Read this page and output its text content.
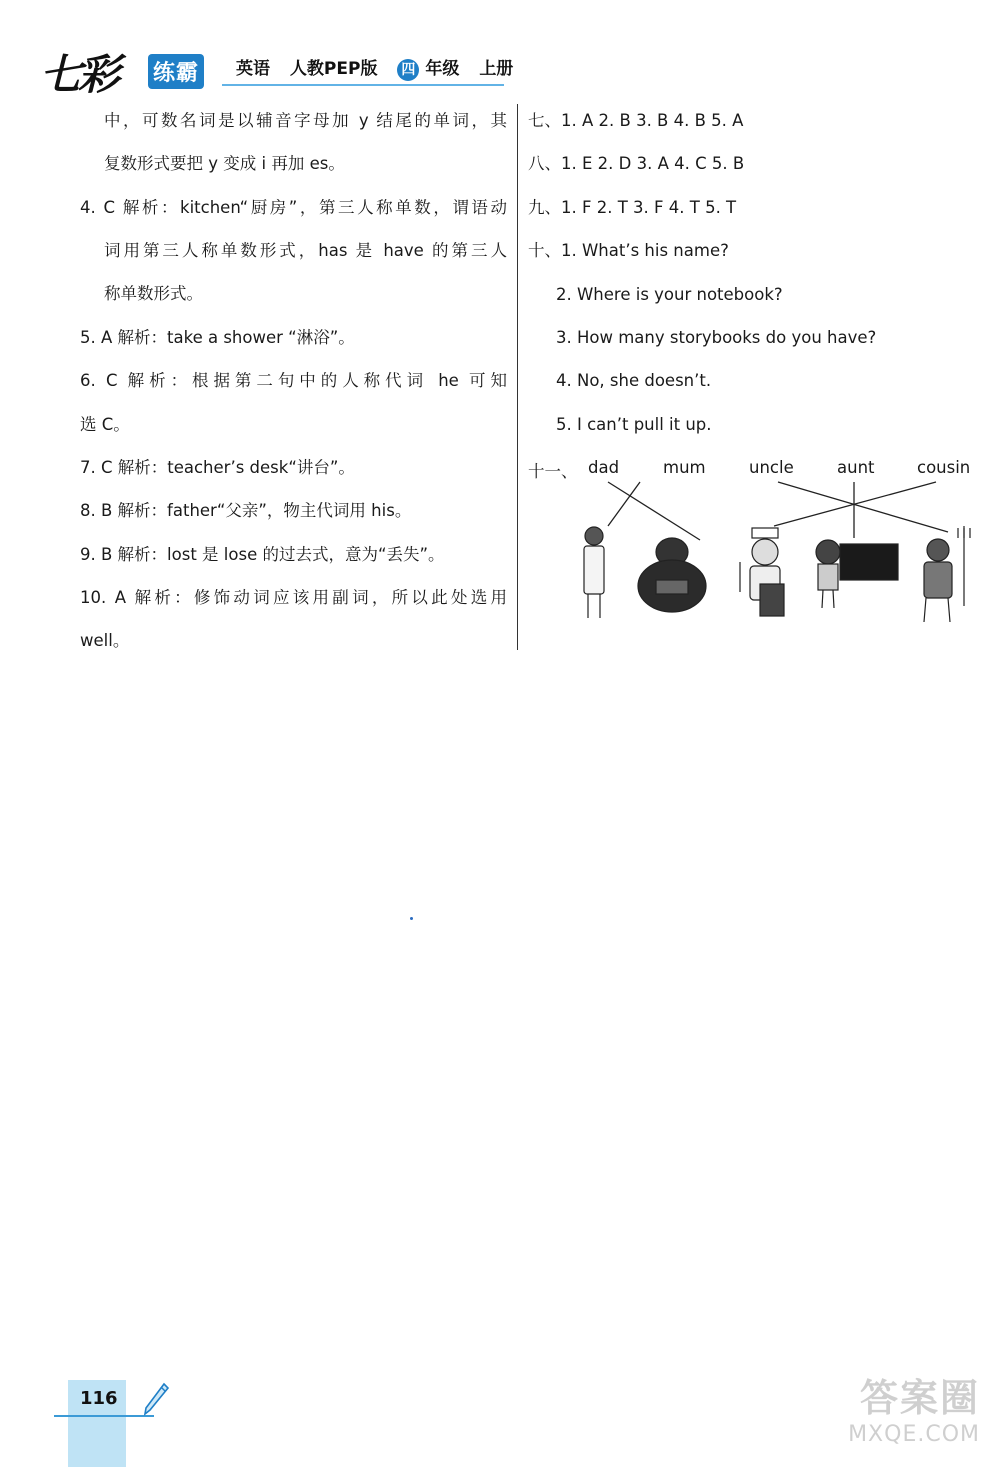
七彩 练霸 英语 人教PEP版 四 年级 上册
中，可数名词是以辅音字母加 y 结尾的单词，其
复数形式要把 y 变成 i 再加 es。
4. C 解析：kitchen“厨房”，第三人称单数，谓语动
词用第三人称单数形式，has 是 have 的第三人
称单数形式。
5. A 解析：take a shower “淋浴”。
6. C 解析：根据第二句中的人称代词 he 可知
选 C。
7. C 解析：teacher’s desk“讲台”。
8. B 解析：father“父亲”，物主代词用 his。
9. B 解析：lost 是 lose 的过去式，意为“丢失”。
10. A 解析：修饰动词应该用副词，所以此处选用
well。
七、1. A 2. B 3. B 4. B 5. A
八、1. E 2. D 3. A 4. C 5. B
九、1. F 2. T 3. F 4. T 5. T
十、1. What’s his name?
2. Where is your notebook?
3. How many storybooks do you have?
4. No, she doesn’t.
5. I can’t pull it up.
十一、 dad	mum	uncle	aunt	cousin
116	答案圈
MXQE.COM
